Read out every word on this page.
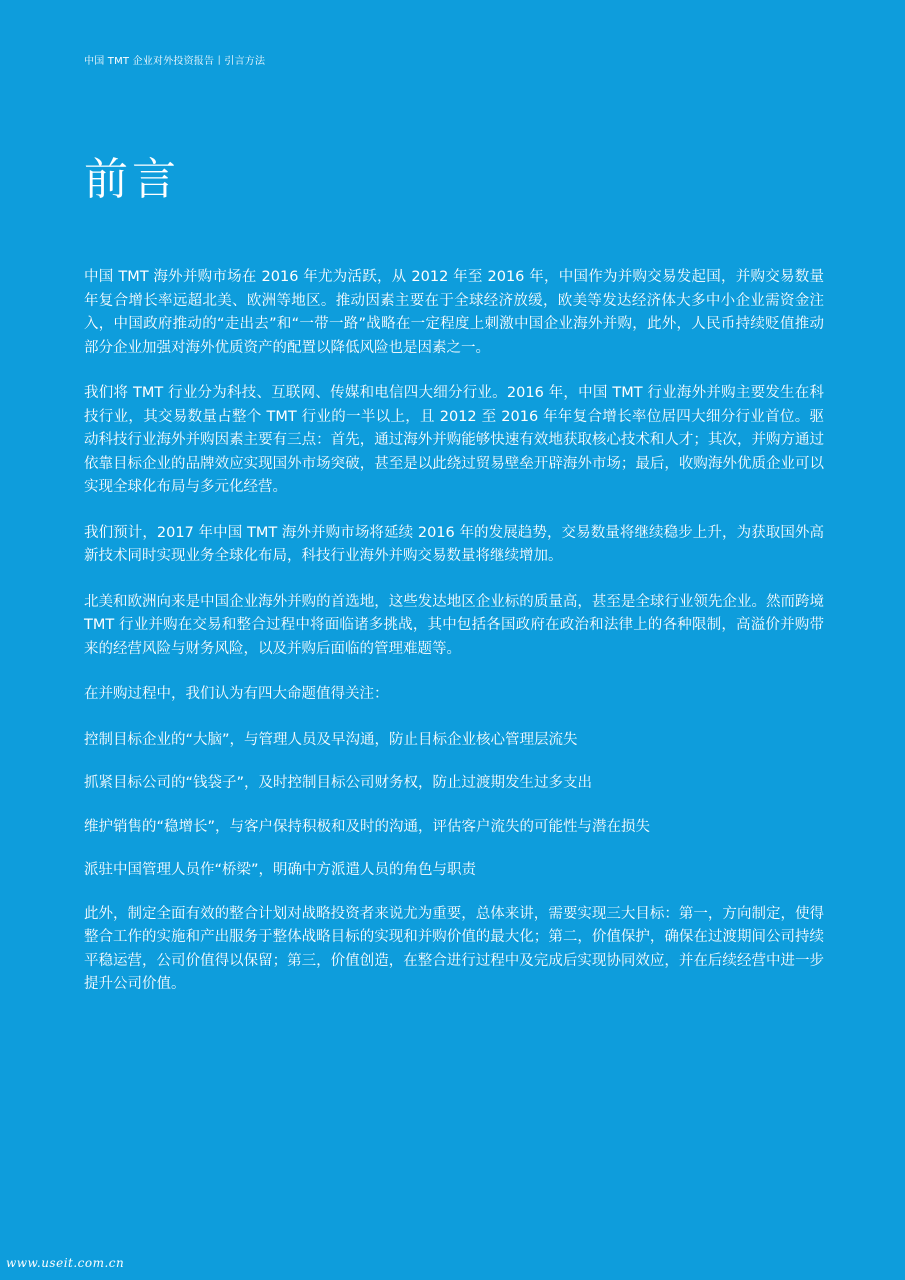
中国 TMT 企业对外投资报告丨引言方法
前言

中国 TMT 海外并购市场在 2016 年尤为活跃，从 2012 年至 2016 年，中国作为并购交易发起国，并购交易数量年复合增长率远超北美、欧洲等地区。推动因素主要在于全球经济放缓，欧美等发达经济体大多中小企业需资金注入，中国政府推动的“走出去”和“一带一路”战略在一定程度上刺激中国企业海外并购，此外，人民币持续贬值推动部分企业加强对海外优质资产的配置以降低风险也是因素之一。

我们将 TMT 行业分为科技、互联网、传媒和电信四大细分行业。2016 年，中国 TMT 行业海外并购主要发生在科技行业，其交易数量占整个 TMT 行业的一半以上，且 2012 至 2016 年年复合增长率位居四大细分行业首位。驱动科技行业海外并购因素主要有三点：首先，通过海外并购能够快速有效地获取核心技术和人才；其次，并购方通过依靠目标企业的品牌效应实现国外市场突破，甚至是以此绕过贸易壁垒开辟海外市场；最后，收购海外优质企业可以实现全球化布局与多元化经营。

我们预计，2017 年中国 TMT 海外并购市场将延续 2016 年的发展趋势，交易数量将继续稳步上升，为获取国外高新技术同时实现业务全球化布局，科技行业海外并购交易数量将继续增加。

北美和欧洲向来是中国企业海外并购的首选地，这些发达地区企业标的质量高，甚至是全球行业领先企业。然而跨境 TMT 行业并购在交易和整合过程中将面临诸多挑战，其中包括各国政府在政治和法律上的各种限制，高溢价并购带来的经营风险与财务风险，以及并购后面临的管理难题等。

在并购过程中，我们认为有四大命题值得关注：

控制目标企业的“大脑”，与管理人员及早沟通，防止目标企业核心管理层流失

抓紧目标公司的“钱袋子”，及时控制目标公司财务权，防止过渡期发生过多支出

维护销售的“稳增长”，与客户保持积极和及时的沟通，评估客户流失的可能性与潜在损失

派驻中国管理人员作“桥梁”，明确中方派遣人员的角色与职责

此外，制定全面有效的整合计划对战略投资者来说尤为重要，总体来讲，需要实现三大目标：第一，方向制定，使得整合工作的实施和产出服务于整体战略目标的实现和并购价值的最大化；第二，价值保护，确保在过渡期间公司持续平稳运营，公司价值得以保留；第三，价值创造，在整合进行过程中及完成后实现协同效应，并在后续经营中进一步提升公司价值。

www.useit.com.cn
